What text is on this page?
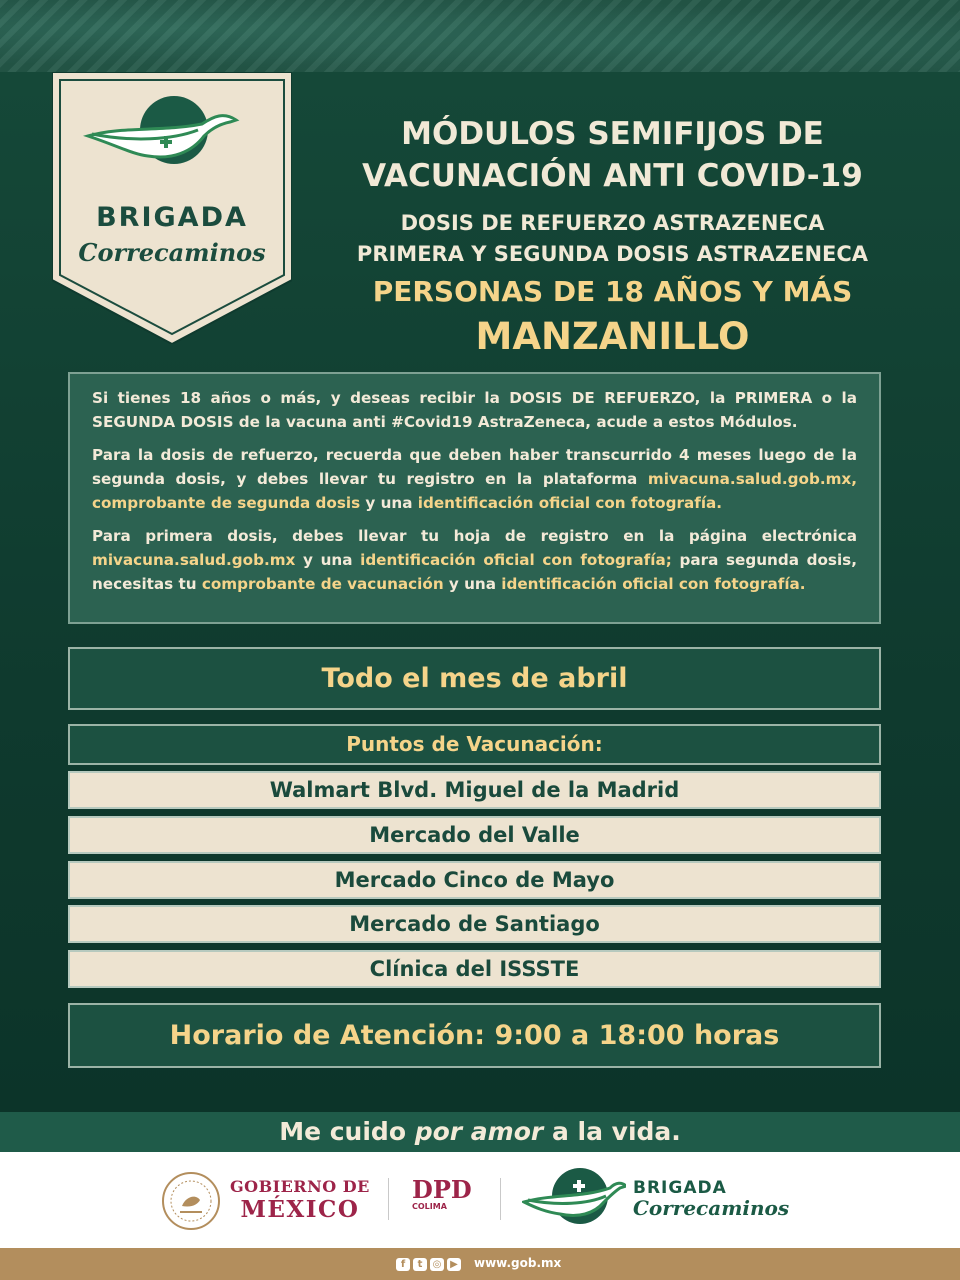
BRIGADA
Correcaminos
MÓDULOS SEMIFIJOS DE
VACUNACIÓN ANTI COVID-19
DOSIS DE REFUERZO ASTRAZENECA
PRIMERA Y SEGUNDA DOSIS ASTRAZENECA
PERSONAS DE 18 AÑOS Y MÁS
MANZANILLO

Si tienes 18 años o más, y deseas recibir la DOSIS DE REFUERZO, la PRIMERA o la SEGUNDA DOSIS de la vacuna anti #Covid19 AstraZeneca, acude a estos Módulos.

Para la dosis de refuerzo, recuerda que deben haber transcurrido 4 meses luego de la segunda dosis, y debes llevar tu registro en la plataforma mivacuna.salud.gob.mx, comprobante de segunda dosis y una identificación oficial con fotografía.

Para primera dosis, debes llevar tu hoja de registro en la página electrónica mivacuna.salud.gob.mx y una identificación oficial con fotografía; para segunda dosis, necesitas tu comprobante de vacunación y una identificación oficial con fotografía.

Todo el mes de abril
Puntos de Vacunación:
Walmart Blvd. Miguel de la Madrid
Mercado del Valle
Mercado Cinco de Mayo
Mercado de Santiago
Clínica del ISSSTE
Horario de Atención: 9:00 a 18:00 horas
Me cuido por amor a la vida.
GOBIERNO DE
MÉXICO
DPD
COLIMA
BRIGADA
Correcaminos
f	t	◎ ▶ www.gob.mx
